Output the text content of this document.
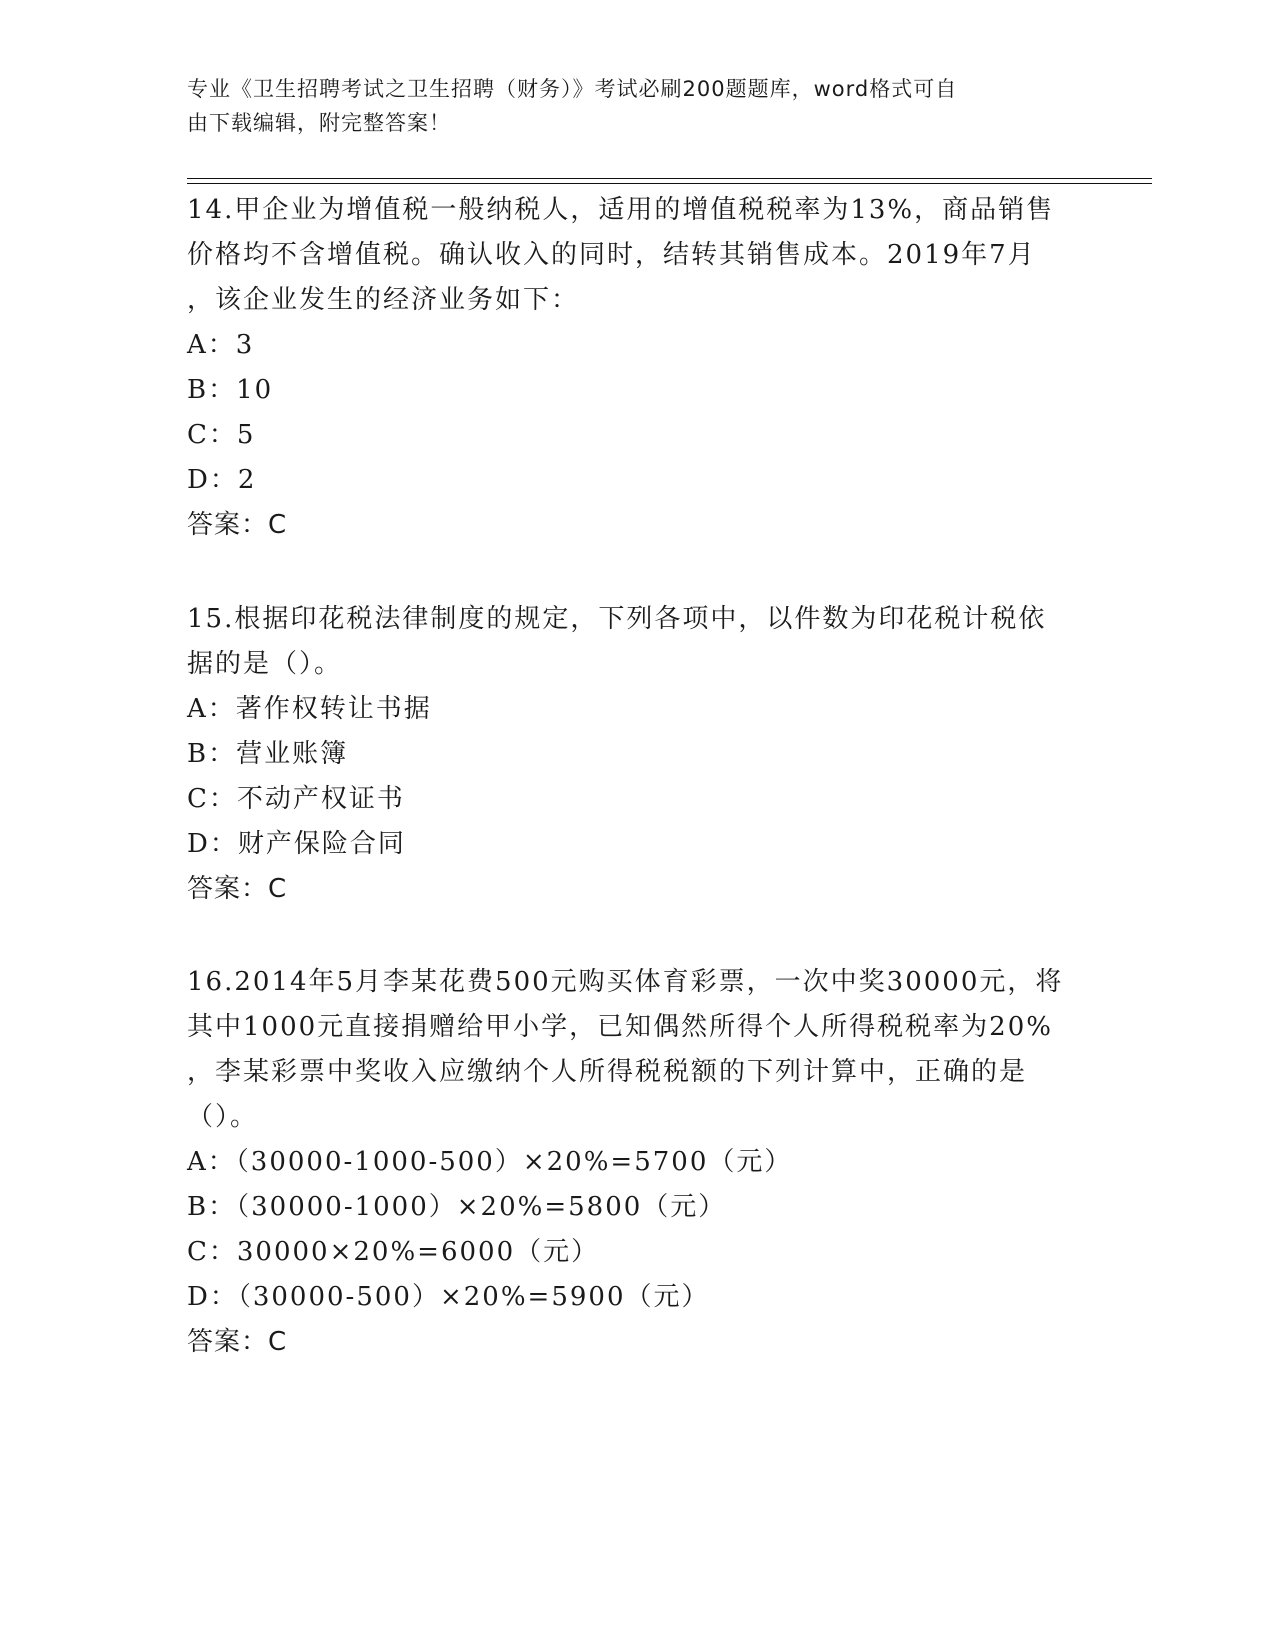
专业《卫生招聘考试之卫生招聘（财务）》考试必刷200题题库，word格式可自
由下载编辑，附完整答案！
14.甲企业为增值税一般纳税人，适用的增值税税率为13%，商品销售
价格均不含增值税。确认收入的同时，结转其销售成本。2019年7月
，该企业发生的经济业务如下：
A：3
B：10
C：5
D：2
答案：C
15.根据印花税法律制度的规定，下列各项中，以件数为印花税计税依
据的是（）。
A：著作权转让书据
B：营业账簿
C：不动产权证书
D：财产保险合同
答案：C
16.2014年5月李某花费500元购买体育彩票，一次中奖30000元，将
其中1000元直接捐赠给甲小学，已知偶然所得个人所得税税率为20%
，李某彩票中奖收入应缴纳个人所得税税额的下列计算中，正确的是
（）。
A：（30000-1000-500）×20%=5700（元）
B：（30000-1000）×20%=5800（元）
C：30000×20%=6000（元）
D：（30000-500）×20%=5900（元）
答案：C
